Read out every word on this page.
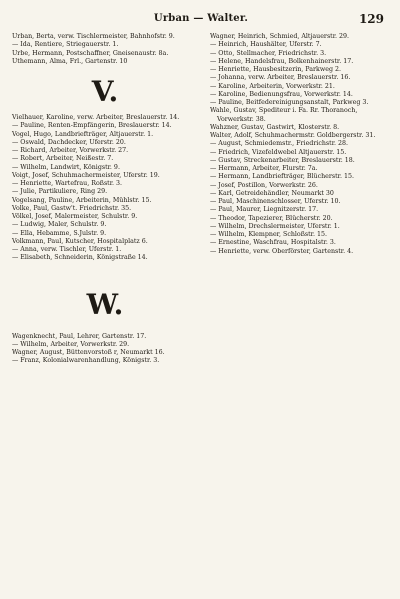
Urban — Walter.	129
Urban, Berta, verw. Tischlermeister, Bahnhofstr. 9.
— Ida, Rentiere, Striegauerstr. 1.
Urbe, Hermann, Postschaffner, Gneisenaustr. 8a.
Uthemann, Alma, Frl., Gartenstr. 10
V.
Vielhauer, Karoline, verw. Arbeiter, Breslauerstr. 14.
— Pauline, Renten-Empfängerin, Breslauerstr. 14.
Vogel, Hugo, Landbriefträger, Altjauerstr. 1.
— Oswald, Dachdecker, Uferstr. 20.
— Richard, Arbeiter, Vorwerkstr. 27.
— Robert, Arbeiter, Neißestr. 7.
— Wilhelm, Landwirt, Königstr. 9.
Voigt, Josef, Schuhmachermeister, Uferstr. 19.
— Henriette, Wartefrau, Roßstr. 3.
— Julie, Partikuliere, Ring 29.
Vogelsang, Pauline, Arbeiterin, Mühlstr. 15.
Volke, Paul, Gastw't. Friedrichstr. 35.
Völkel, Josef, Malermeister, Schulstr. 9.
— Ludwig, Maler, Schulstr. 9.
— Ella, Hebamme, S.Julstr. 9.
Volkmann, Paul, Kutscher, Hospitalplatz 6.
— Anna, verw. Tischler, Uferstr. 1.
— Elisabeth, Schneiderin, Königstraße 14.
W.
Wagenknecht, Paul, Lehrer, Gartenstr. 17.
— Wilhelm, Arbeiter, Vorwerkstr. 29.
Wagner, August, Büttenvorstoß r, Neumarkt 16.
— Franz, Kolonialwarenhandlung, Königstr. 3.
Wagner, Heinrich, Schmied, Altjauerstr. 29.
— Heinrich, Haushälter, Uferstr. 7.
— Otto, Stellmacher, Friedrichstr. 3.
— Helene, Handelsfrau, Bolkenhainerstr. 17.
— Henriette, Hausbesitzerin, Parkweg 2.
— Johanna, verw. Arbeiter, Breslauerstr. 16.
— Karoline, Arbeiterin, Vorwerkstr. 21.
— Karoline, Bedienungsfrau, Vorwerkstr. 14.
— Pauline, Beitfedereinigungsanstalt, Parkweg 3.
Wahle, Gustav, Spediteur i. Fa. Rr. Thoranoch, Vorwerkstr. 38.
Wahzner, Gustav, Gastwirt, Klosterstr. 8.
Walter, Adolf, Schuhmachermstr. Goldbergerstr. 31.
— August, Schmiedemstr., Friedrichstr. 28.
— Friedrich, Vizefeldwebel Altjauerstr. 15.
— Gustav, Streckenarbeiter, Breslauerstr. 18.
— Hermann, Arbeiter, Flurstr. 7a.
— Hermann, Landbriefträger, Blücherstr. 15.
— Josef, Postillon, Vorwerkstr. 26.
— Karl, Getreidehändler, Neumarkt 30
— Paul, Maschinenschlosser, Uferstr. 10.
— Paul, Maurer, Liegnitzerstr. 17.
— Theodor, Tapezierer, Blücherstr. 20.
— Wilhelm, Drechslermeister, Uferstr. 1.
— Wilhelm, Klempner, Schloßstr. 15.
— Ernestine, Waschfrau, Hospitalstr. 3.
— Henriette, verw. Oberförster, Gartenstr. 4.
